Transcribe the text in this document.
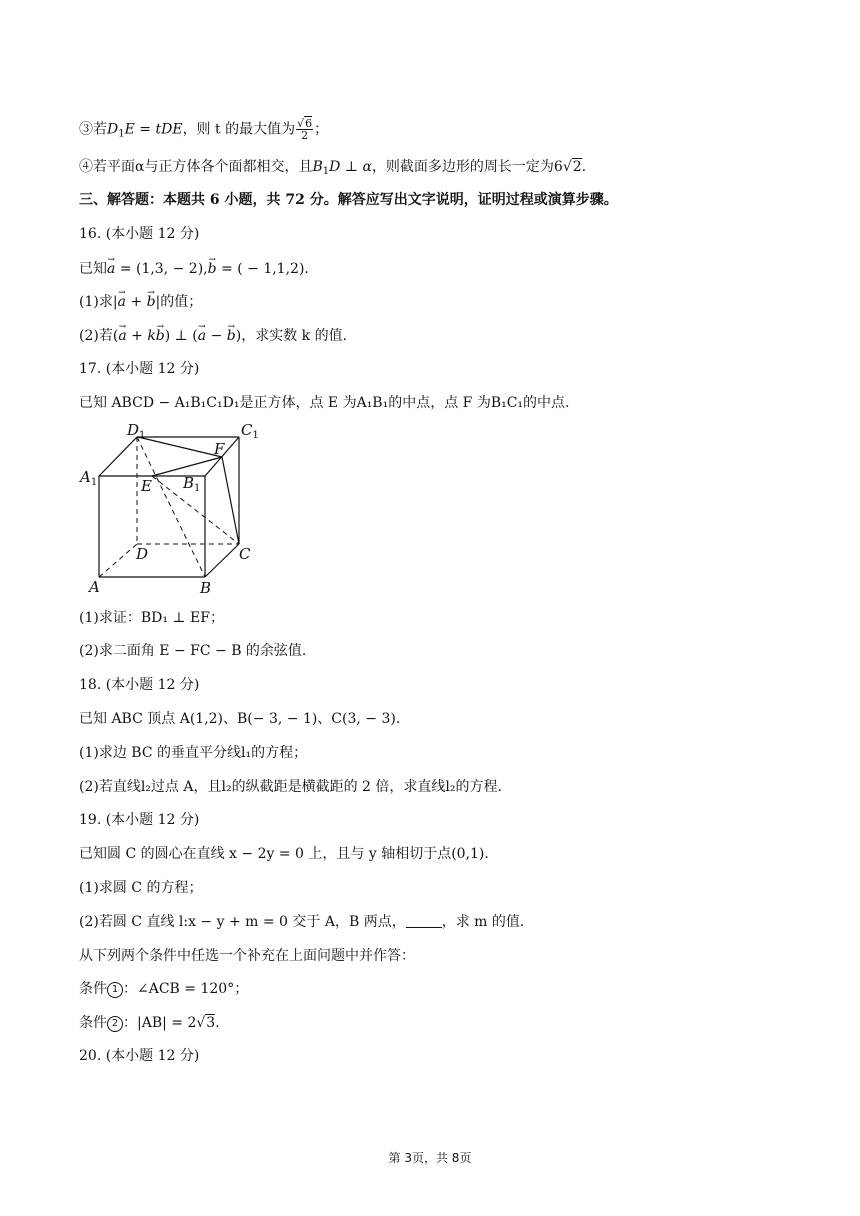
③若$D_1E$ = tDE，则 t 的最大值为 $\frac{√6}{2}$ ；
④若平面α与正方体各个面都相交，且$B_1D$ ⊥ α，则截面多边形的周长一定为6√2.
三、解答题：本题共 6 小题，共 72 分。解答应写出文字说明，证明过程或演算步骤。
16. (本小题 12 分)
已知→ a = (1,3, − 2),→ b = ( − 1,1,2).
(1)求|→ a + → b|的值；
(2)若(→ a + k→ b) ⊥ (→ a − → b)，求实数 k 的值.
17. (本小题 12 分)
已知 ABCD − A₁B₁C₁D₁是正方体，点 E 为A₁B₁的中点，点 F 为B₁C₁的中点.
$D_1$	$C_1$
$A_1$	$B_1$
F
E
D	C
A	B
(1)求证：BD₁ ⊥ EF；
(2)求二面角 E − FC − B 的余弦值.
18. (本小题 12 分)
已知 ABC 顶点 A(1,2)、B(− 3, − 1)、C(3, − 3).
(1)求边 BC 的垂直平分线l₁的方程；
(2)若直线l₂过点 A，且l₂的纵截距是横截距的 2 倍，求直线l₂的方程.
19. (本小题 12 分)
已知圆 C 的圆心在直线 x − 2y = 0 上，且与 y 轴相切于点(0,1).
(1)求圆 C 的方程；
(2)若圆 C 直线 l:x − y + m = 0 交于 A，B 两点，	，求 m 的值.
从下列两个条件中任选一个补充在上面问题中并作答：
条件 1 ：∠ACB = 120°；
条件 2 ：|AB| = 2√3.
20. (本小题 12 分)
第 3页，共 8页
